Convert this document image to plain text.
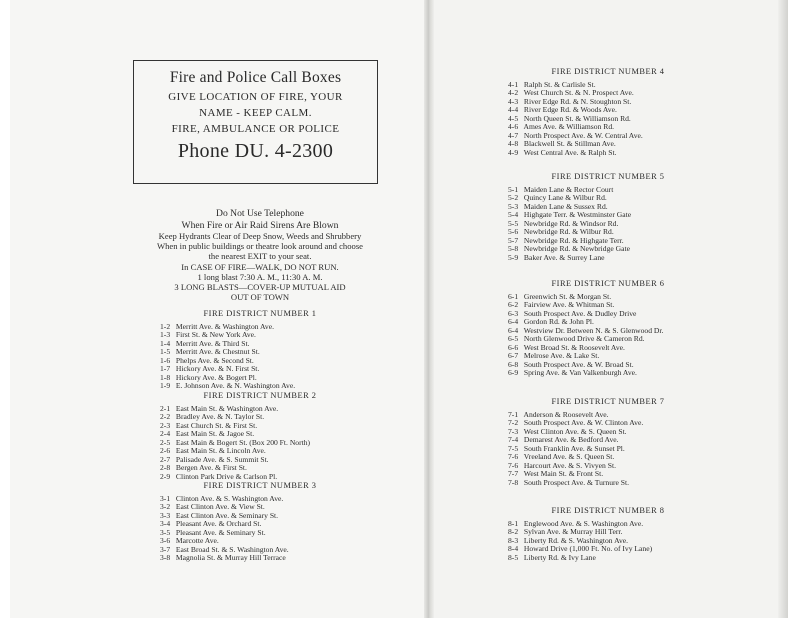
Fire and Police Call Boxes
GIVE LOCATION OF FIRE, YOUR
NAME - KEEP CALM.
FIRE, AMBULANCE OR POLICE
Phone DU. 4-2300
Do Not Use Telephone
When Fire or Air Raid Sirens Are Blown
Keep Hydrants Clear of Deep Snow, Weeds and Shrubbery
When in public buildings or theatre look around and choose
the nearest EXIT to your seat.
In CASE OF FIRE—WALK, DO NOT RUN.
1 long blast 7:30 A. M., 11:30 A. M.
3 LONG BLASTS—COVER-UP MUTUAL AID
OUT OF TOWN
FIRE DISTRICT NUMBER 1
1-2 Merritt Ave. & Washington Ave.
1-3 First St. & New York Ave.
1-4 Merritt Ave. & Third St.
1-5 Merritt Ave. & Chestnut St.
1-6 Phelps Ave. & Second St.
1-7 Hickory Ave. & N. First St.
1-8 Hickory Ave. & Bogert Pl.
1-9 E. Johnson Ave. & N. Washington Ave.
FIRE DISTRICT NUMBER 2
2-1 East Main St. & Washington Ave.
2-2 Bradley Ave. & N. Taylor St.
2-3 East Church St. & First St.
2-4 East Main St. & Jagoe St.
2-5 East Main & Bogert St. (Box 200 Ft. North)
2-6 East Main St. & Lincoln Ave.
2-7 Palisade Ave. & S. Summit St.
2-8 Bergen Ave. & First St.
2-9 Clinton Park Drive & Carlson Pl.
FIRE DISTRICT NUMBER 3
3-1 Clinton Ave. & S. Washington Ave.
3-2 East Clinton Ave. & View St.
3-3 East Clinton Ave. & Seminary St.
3-4 Pleasant Ave. & Orchard St.
3-5 Pleasant Ave. & Seminary St.
3-6 Marcotte Ave.
3-7 East Broad St. & S. Washington Ave.
3-8 Magnolia St. & Murray Hill Terrace
FIRE DISTRICT NUMBER 4
4-1 Ralph St. & Carlisle St.
4-2 West Church St. & N. Prospect Ave.
4-3 River Edge Rd. & N. Stoughton St.
4-4 River Edge Rd. & Woods Ave.
4-5 North Queen St. & Williamson Rd.
4-6 Ames Ave. & Williamson Rd.
4-7 North Prospect Ave. & W. Central Ave.
4-8 Blackwell St. & Stillman Ave.
4-9 West Central Ave. & Ralph St.
FIRE DISTRICT NUMBER 5
5-1 Maiden Lane & Rector Court
5-2 Quincy Lane & Wilbur Rd.
5-3 Maiden Lane & Sussex Rd.
5-4 Highgate Terr. & Westminster Gate
5-5 Newbridge Rd. & Windsor Rd.
5-6 Newbridge Rd. & Wilbur Rd.
5-7 Newbridge Rd. & Highgate Terr.
5-8 Newbridge Rd. & Newbridge Gate
5-9 Baker Ave. & Surrey Lane
FIRE DISTRICT NUMBER 6
6-1 Greenwich St. & Morgan St.
6-2 Fairview Ave. & Whitman St.
6-3 South Prospect Ave. & Dudley Drive
6-4 Gordon Rd. & John Pl.
6-4 Westview Dr. Between N. & S. Glenwood Dr.
6-5 North Glenwood Drive & Cameron Rd.
6-6 West Broad St. & Roosevelt Ave.
6-7 Melrose Ave. & Lake St.
6-8 South Prospect Ave. & W. Broad St.
6-9 Spring Ave. & Van Valkenburgh Ave.
FIRE DISTRICT NUMBER 7
7-1 Anderson & Roosevelt Ave.
7-2 South Prospect Ave. & W. Clinton Ave.
7-3 West Clinton Ave. & S. Queen St.
7-4 Demarest Ave. & Bedford Ave.
7-5 South Franklin Ave. & Sunset Pl.
7-6 Vreeland Ave. & S. Queen St.
7-6 Harcourt Ave. & S. Vivyen St.
7-7 West Main St. & Front St.
7-8 South Prospect Ave. & Turnure St.
FIRE DISTRICT NUMBER 8
8-1 Englewood Ave. & S. Washington Ave.
8-2 Sylvan Ave. & Murray Hill Terr.
8-3 Liberty Rd. & S. Washington Ave.
8-4 Howard Drive (1,000 Ft. No. of Ivy Lane)
8-5 Liberty Rd. & Ivy Lane
